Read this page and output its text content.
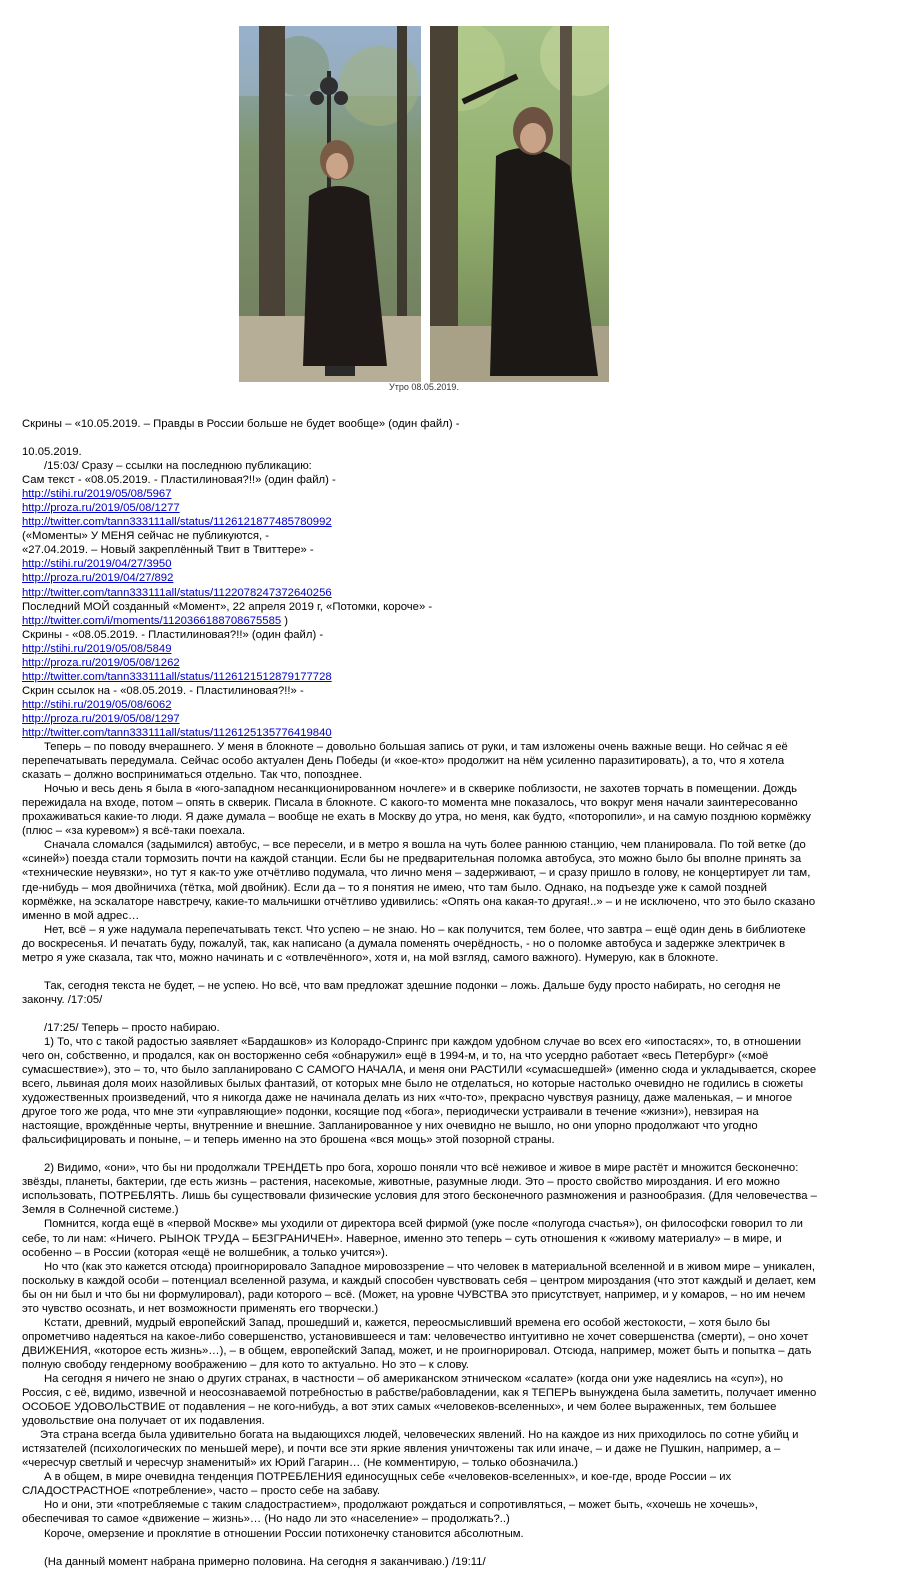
Утро 08.05.2019.
Скрины – «10.05.2019. – Правды в России больше не будет вообще» (один файл) -
10.05.2019.
/15:03/ Сразу – ссылки на последнюю публикацию:
Сам текст - «08.05.2019. - Пластилиновая?!!» (один файл) -
http://stihi.ru/2019/05/08/5967
http://proza.ru/2019/05/08/1277
http://twitter.com/tann333111all/status/1126121877485780992
(«Моменты» У МЕНЯ сейчас не публикуются, -
«27.04.2019. – Новый закреплённый Твит в Твиттере» -
http://stihi.ru/2019/04/27/3950
http://proza.ru/2019/04/27/892
http://twitter.com/tann333111all/status/1122078247372640256
Последний МОЙ созданный «Момент», 22 апреля 2019 г, «Потомки, короче» -
http://twitter.com/i/moments/1120366188708675585 )
Скрины - «08.05.2019. - Пластилиновая?!!» (один файл) -
http://stihi.ru/2019/05/08/5849
http://proza.ru/2019/05/08/1262
http://twitter.com/tann333111all/status/1126121512879177728
Скрин ссылок на - «08.05.2019. - Пластилиновая?!!» -
http://stihi.ru/2019/05/08/6062
http://proza.ru/2019/05/08/1297
http://twitter.com/tann333111all/status/1126125135776419840
Теперь – по поводу вчерашнего. У меня в блокноте – довольно большая запись от руки, и там изложены очень важные вещи. Но сейчас я её
перепечатывать передумала. Сейчас особо актуален День Победы (и «кое-кто» продолжит на нём усиленно паразитировать), а то, что я хотела
сказать – должно восприниматься отдельно. Так что, попозднее.
Ночью и весь день я была в «юго-западном несанкционированном ночлеге» и в скверике поблизости, не захотев торчать в помещении. Дождь
пережидала на входе, потом – опять в скверик. Писала в блокноте. С какого-то момента мне показалось, что вокруг меня начали заинтересованно
прохаживаться какие-то люди. Я даже думала – вообще не ехать в Москву до утра, но меня, как будто, «поторопили», и на самую позднюю кормёжку
(плюс – «за куревом») я всё-таки поехала.
Сначала сломался (задымился) автобус, – все пересели, и в метро я вошла на чуть более раннюю станцию, чем планировала. По той ветке (до
«синей») поезда стали тормозить почти на каждой станции. Если бы не предварительная поломка автобуса, это можно было бы вполне принять за
«технические неувязки», но тут я как-то уже отчётливо подумала, что лично меня – задерживают, – и сразу пришло в голову, не концертирует ли там,
где-нибудь – моя двойничиха (тётка, мой двойник). Если да – то я понятия не имею, что там было. Однако, на подъезде уже к самой поздней
кормёжке, на эскалаторе навстречу, какие-то мальчишки отчётливо удивились: «Опять она какая-то другая!..» – и не исключено, что это было сказано
именно в мой адрес…
Нет, всё – я уже надумала перепечатывать текст. Что успею – не знаю. Но – как получится, тем более, что завтра – ещё один день в библиотеке
до воскресенья. И печатать буду, пожалуй, так, как написано (а думала поменять очерёдность, - но о поломке автобуса и задержке электричек в
метро я уже сказала, так что, можно начинать и с «отвлечённого», хотя и, на мой взгляд, самого важного). Нумерую, как в блокноте.
Так, сегодня текста не будет, – не успею. Но всё, что вам предложат здешние подонки – ложь. Дальше буду просто набирать, но сегодня не
закончу. /17:05/
/17:25/ Теперь – просто набираю.
1) То, что с такой радостью заявляет «Бардашков» из Колорадо-Спрингс при каждом удобном случае во всех его «ипостасях», то, в отношении
чего он, собственно, и продался, как он восторженно себя «обнаружил» ещё в 1994-м, и то, на что усердно работает «весь Петербург» («моё
сумасшествие»), это – то, что было запланировано С САМОГО НАЧАЛА, и меня они РАСТИЛИ «сумасшедшей» (именно сюда и укладывается, скорее
всего, львиная доля моих назойливых былых фантазий, от которых мне было не отделаться, но которые настолько очевидно не годились в сюжеты
художественных произведений, что я никогда даже не начинала делать из них «что-то», прекрасно чувствуя разницу, даже маленькая, – и многое
другое того же рода, что мне эти «управляющие» подонки, косящие под «бога», периодически устраивали в течение «жизни»), невзирая на
настоящие, врождённые черты, внутренние и внешние. Запланированное у них очевидно не вышло, но они упорно продолжают что угодно
фальсифицировать и поныне, – и теперь именно на это брошена «вся мощь» этой позорной страны.
2) Видимо, «они», что бы ни продолжали ТРЕНДЕТЬ про бога, хорошо поняли что всё неживое и живое в мире растёт и множится бесконечно:
звёзды, планеты, бактерии, где есть жизнь – растения, насекомые, животные, разумные люди. Это – просто свойство мироздания. И его можно
использовать, ПОТРЕБЛЯТЬ. Лишь бы существовали физические условия для этого бесконечного размножения и разнообразия. (Для человечества –
Земля в Солнечной системе.)
Помнится, когда ещё в «первой Москве» мы уходили от директора всей фирмой (уже после «полугода счастья»), он философски говорил то ли
себе, то ли нам: «Ничего. РЫНОК ТРУДА – БЕЗГРАНИЧЕН». Наверное, именно это теперь – суть отношения к «живому материалу» – в мире, и
особенно – в России (которая «ещё не волшебник, а только учится»).
Но что (как это кажется отсюда) проигнорировало Западное мировоззрение – что человек в материальной вселенной и в живом мире – уникален,
поскольку в каждой особи – потенциал вселенной разума, и каждый способен чувствовать себя – центром мироздания (что этот каждый и делает, кем
бы он ни был и что бы ни формулировал), ради которого – всё. (Может, на уровне ЧУВСТВА это присутствует, например, и у комаров, – но им нечем
это чувство осознать, и нет возможности применять его творчески.)
Кстати, древний, мудрый европейский Запад, прошедший и, кажется, переосмысливший времена его особой жестокости, – хотя было бы
опрометчиво надеяться на какое-либо совершенство, установившееся и там: человечество интуитивно не хочет совершенства (смерти), – оно хочет
ДВИЖЕНИЯ, «которое есть жизнь»…), – в общем, европейский Запад, может, и не проигнорировал. Отсюда, например, может быть и попытка – дать
полную свободу гендерному воображению – для кото то актуально. Но это – к слову.
На сегодня я ничего не знаю о других странах, в частности – об американском этническом «салате» (когда они уже надеялись на «суп»), но
Россия, с её, видимо, извечной и неосознаваемой потребностью в рабстве/рабовладении, как я ТЕПЕРЬ вынуждена была заметить, получает именно
ОСОБОЕ УДОВОЛЬСТВИЕ от подавления – не кого-нибудь, а вот этих самых «человеков-вселенных», и чем более выраженных, тем большее
удовольствие она получает от их подавления.
Эта страна всегда была удивительно богата на выдающихся людей, человеческих явлений. Но на каждое из них приходилось по сотне убийц и
истязателей (психологических по меньшей мере), и почти все эти яркие явления уничтожены так или иначе, – и даже не Пушкин, например, а –
«чересчур светлый и чересчур знаменитый» их Юрий Гагарин… (Не комментирую, – только обозначила.)
А в общем, в мире очевидна тенденция ПОТРЕБЛЕНИЯ единосущных себе «человеков-вселенных», и кое-где, вроде России – их
СЛАДОСТРАСТНОЕ «потребление», часто – просто себе на забаву.
Но и они, эти «потребляемые с таким сладострастием», продолжают рождаться и сопротивляться, – может быть, «хочешь не хочешь»,
обеспечивая то самое «движение – жизнь»… (Но надо ли это «население» – продолжать?..)
Короче, омерзение и проклятие в отношении России потихонечку становится абсолютным.
(На данный момент набрана примерно половина. На сегодня я заканчиваю.) /19:11/
